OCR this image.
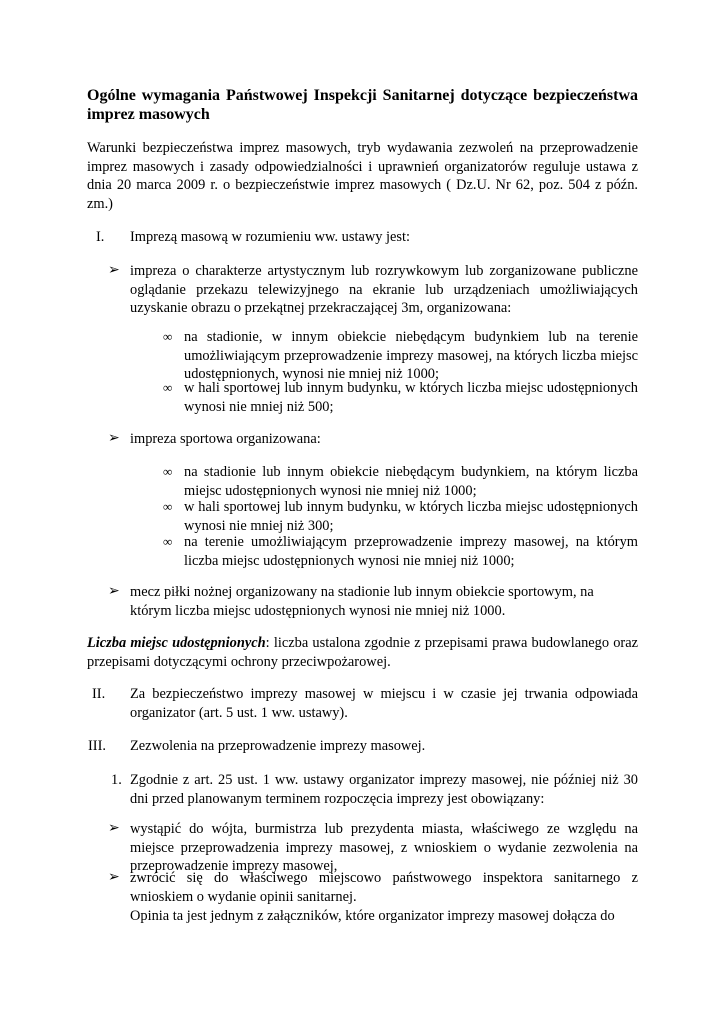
Ogólne wymagania Państwowej Inspekcji Sanitarnej dotyczące bezpieczeństwa imprez masowych
Warunki bezpieczeństwa imprez masowych, tryb wydawania zezwoleń na przeprowadzenie imprez masowych i zasady odpowiedzialności i uprawnień organizatorów reguluje ustawa z dnia 20 marca 2009 r. o bezpieczeństwie imprez masowych ( Dz.U. Nr 62, poz. 504 z późn. zm.)
I. Imprezą masową w rozumieniu ww. ustawy jest:
➢ impreza o charakterze artystycznym lub rozrywkowym lub zorganizowane publiczne oglądanie przekazu telewizyjnego na ekranie lub urządzeniach umożliwiających uzyskanie obrazu o przekątnej przekraczającej 3m, organizowana:
∞ na stadionie, w innym obiekcie niebędącym budynkiem lub na terenie umożliwiającym przeprowadzenie imprezy masowej, na których liczba miejsc udostępnionych, wynosi nie mniej niż 1000;
∞ w hali sportowej lub innym budynku, w których liczba miejsc udostępnionych wynosi nie mniej niż 500;
➢ impreza sportowa organizowana:
∞ na stadionie lub innym obiekcie niebędącym budynkiem, na którym liczba miejsc udostępnionych wynosi nie mniej niż 1000;
∞ w hali sportowej lub innym budynku, w których liczba miejsc udostępnionych wynosi nie mniej niż 300;
∞ na terenie umożliwiającym przeprowadzenie imprezy masowej, na którym liczba miejsc udostępnionych wynosi nie mniej niż 1000;
➢ mecz piłki nożnej organizowany na stadionie lub innym obiekcie sportowym, na którym liczba miejsc udostępnionych wynosi nie mniej niż 1000.
Liczba miejsc udostępnionych: liczba ustalona zgodnie z przepisami prawa budowlanego oraz przepisami dotyczącymi ochrony przeciwpożarowej.
II. Za bezpieczeństwo imprezy masowej w miejscu i w czasie jej trwania odpowiada organizator (art. 5 ust. 1 ww. ustawy).
III. Zezwolenia na przeprowadzenie imprezy masowej.
1. Zgodnie z art. 25 ust. 1 ww. ustawy organizator imprezy masowej, nie później niż 30 dni przed planowanym terminem rozpoczęcia imprezy jest obowiązany:
➢ wystąpić do wójta, burmistrza lub prezydenta miasta, właściwego ze względu na miejsce przeprowadzenia imprezy masowej, z wnioskiem o wydanie zezwolenia na przeprowadzenie imprezy masowej,
➢ zwrócić się do właściwego miejscowo państwowego inspektora sanitarnego z wnioskiem o wydanie opinii sanitarnej.
Opinia ta jest jednym z załączników, które organizator imprezy masowej dołącza do
